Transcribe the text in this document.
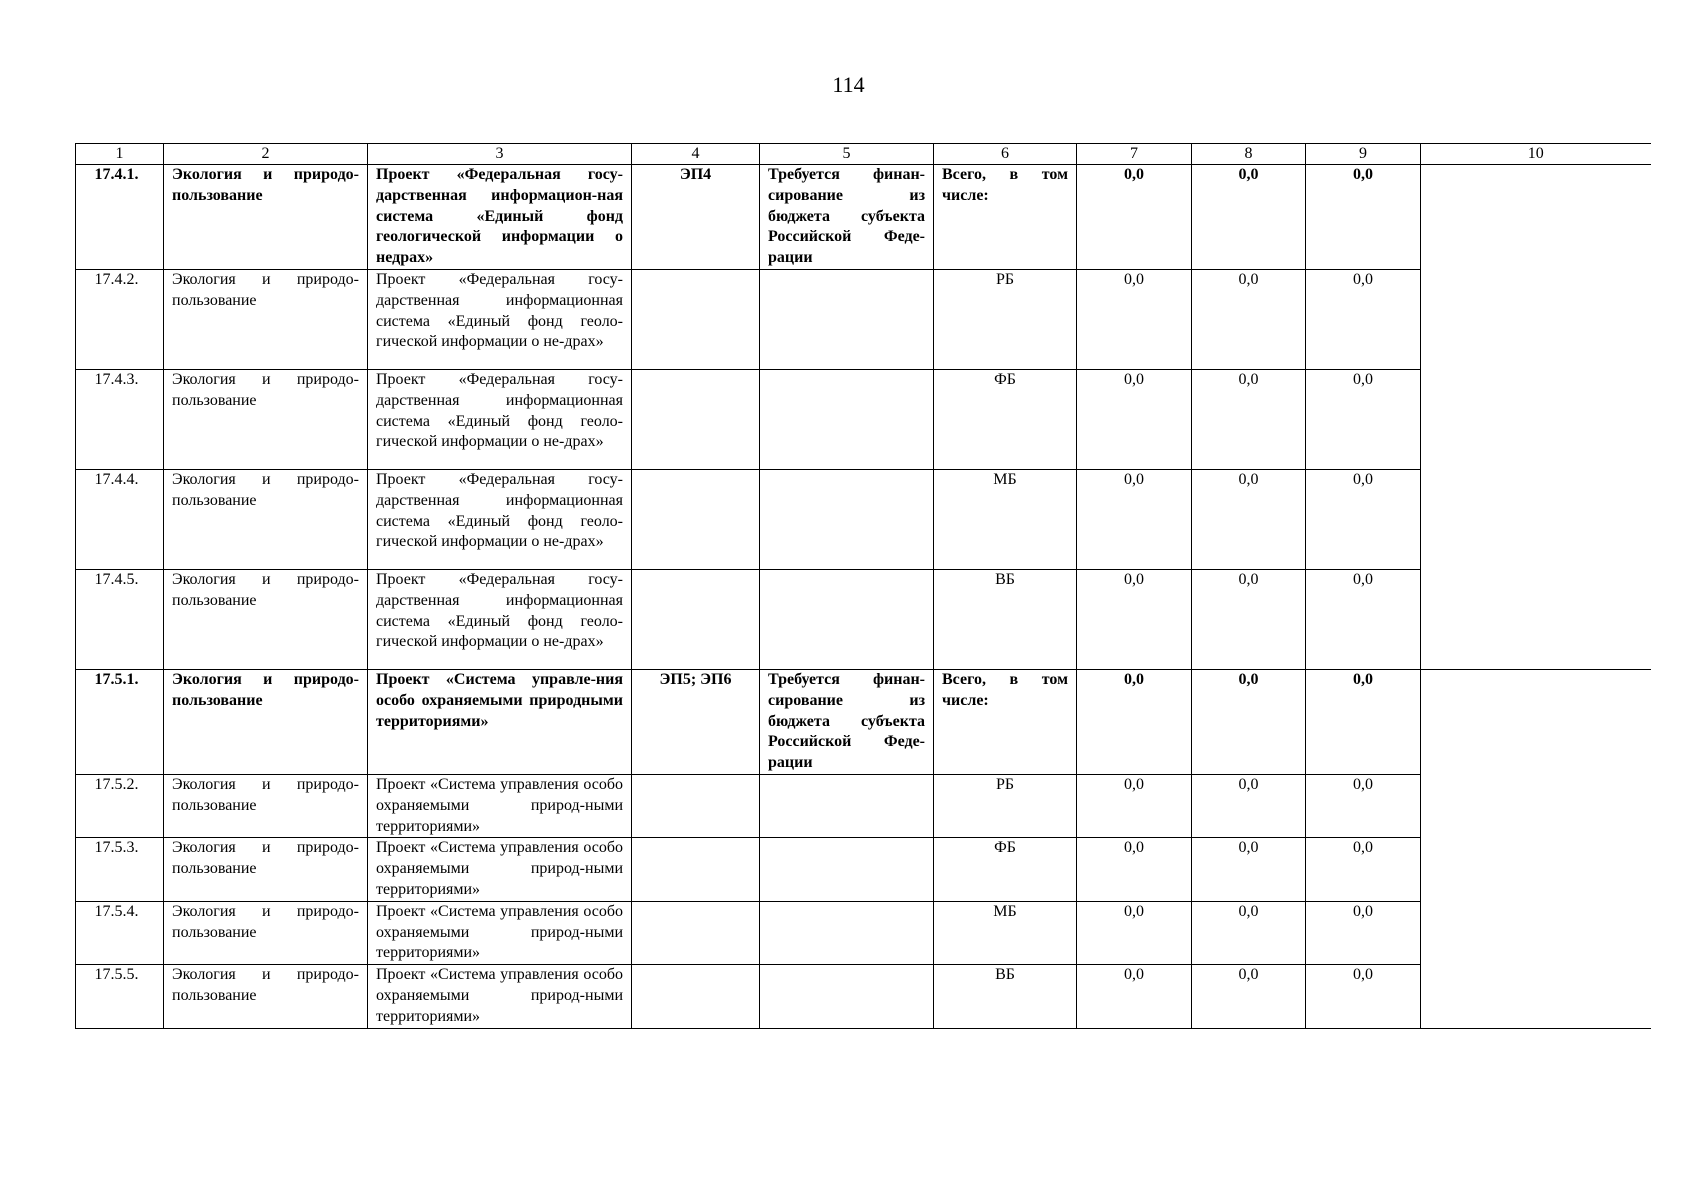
114
1	2	3	4	5	6	7	8	9	10
17.4.1.	Экология и природо-пользование	Проект «Федеральная госу-дарственная информацион-ная система «Единый фонд геологической информации о недрах»	ЭП4	Требуется финан-сирование из бюджета субъекта Российской Феде-рации	Всего, в том числе:	0,0	0,0	0,0	
17.4.2.	Экология и природо-пользование	Проект «Федеральная госу-дарственная информационная система «Единый фонд геоло-гической информации о не-драх»			РБ	0,0	0,0	0,0	
17.4.3.	Экология и природо-пользование	Проект «Федеральная госу-дарственная информационная система «Единый фонд геоло-гической информации о не-драх»			ФБ	0,0	0,0	0,0	
17.4.4.	Экология и природо-пользование	Проект «Федеральная госу-дарственная информационная система «Единый фонд геоло-гической информации о не-драх»			МБ	0,0	0,0	0,0	
17.4.5.	Экология и природо-пользование	Проект «Федеральная госу-дарственная информационная система «Единый фонд геоло-гической информации о не-драх»			ВБ	0,0	0,0	0,0	
17.5.1.	Экология и природо-пользование	Проект «Система управле-ния особо охраняемыми природными территориями»	ЭП5; ЭП6	Требуется финан-сирование из бюджета субъекта Российской Феде-рации	Всего, в том числе:	0,0	0,0	0,0	
17.5.2.	Экология и природо-пользование	Проект «Система управления особо охраняемыми природ-ными территориями»			РБ	0,0	0,0	0,0	
17.5.3.	Экология и природо-пользование	Проект «Система управления особо охраняемыми природ-ными территориями»			ФБ	0,0	0,0	0,0	
17.5.4.	Экология и природо-пользование	Проект «Система управления особо охраняемыми природ-ными территориями»			МБ	0,0	0,0	0,0	
17.5.5.	Экология и природо-пользование	Проект «Система управления особо охраняемыми природ-ными территориями»			ВБ	0,0	0,0	0,0	
